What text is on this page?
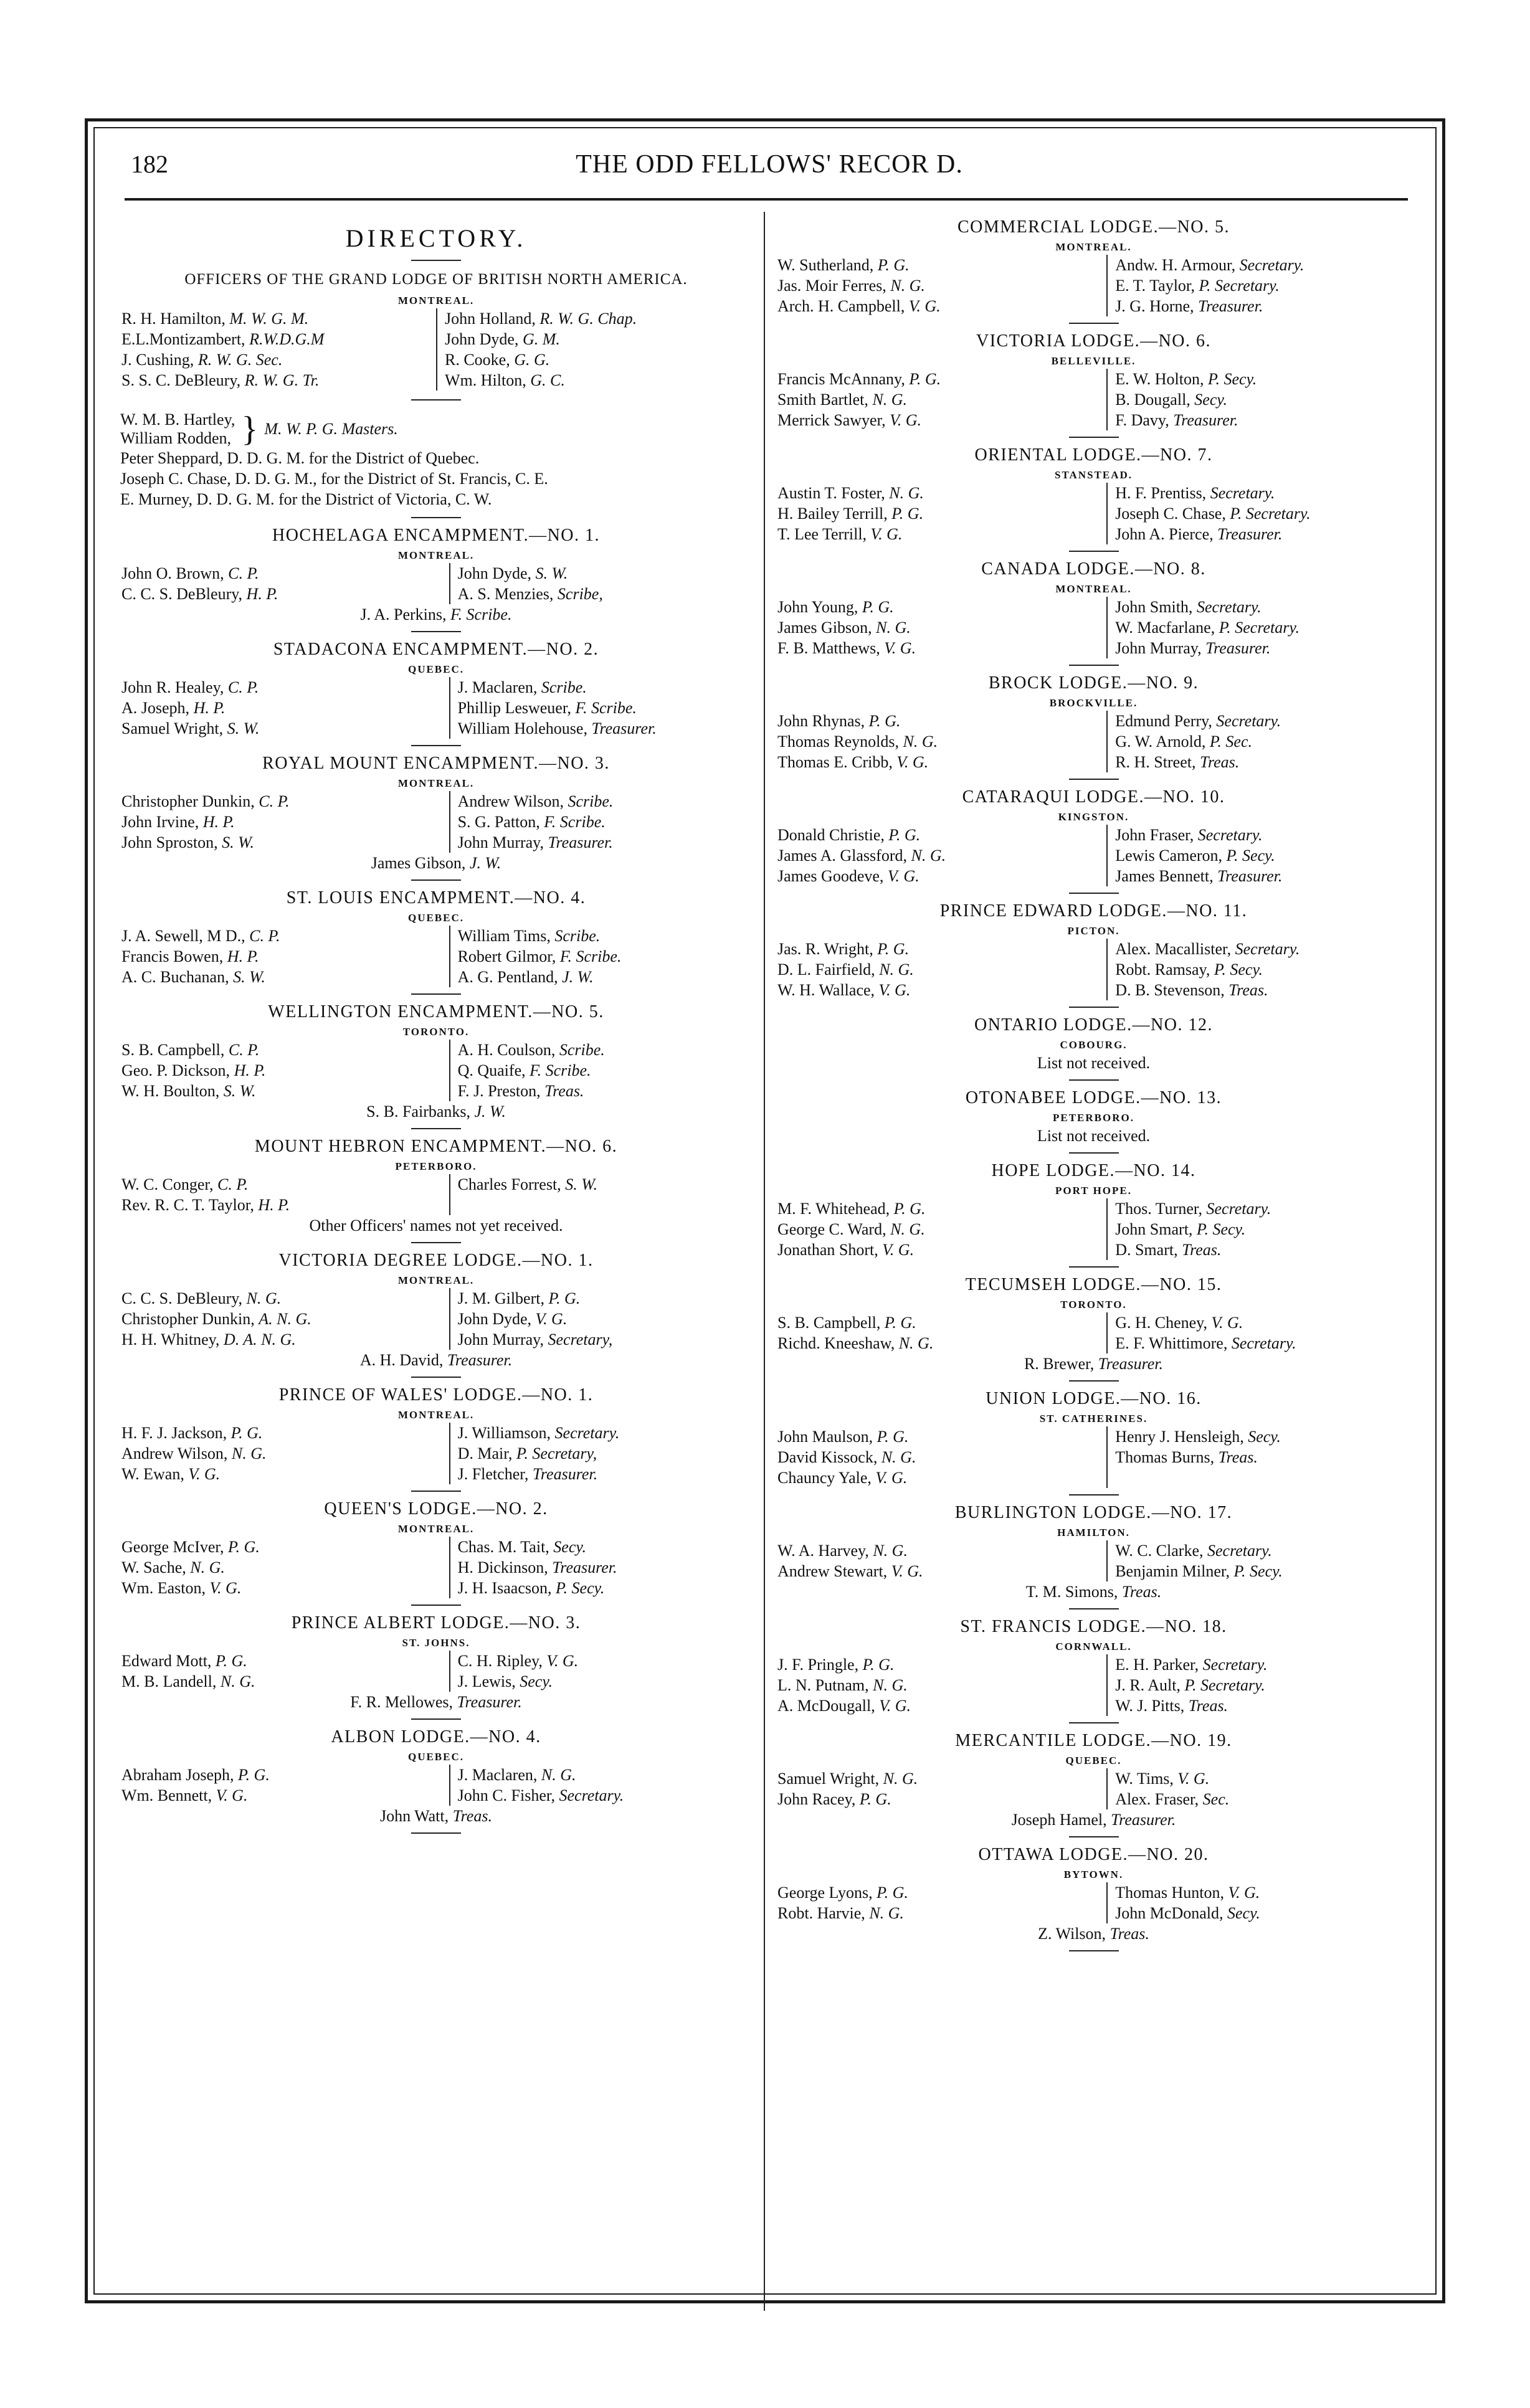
182	THE ODD FELLOWS' RECOR D.
DIRECTORY.
OFFICERS OF THE GRAND LODGE OF BRITISH NORTH AMERICA.
MONTREAL.
R. H. Hamilton, M. W. G. M.
E.L.Montizambert, R.W.D.G.M
J. Cushing, R. W. G. Sec.
S. S. C. DeBleury, R. W. G. Tr.
John Holland, R. W. G. Chap.
John Dyde, G. M.
R. Cooke, G. G.
Wm. Hilton, G. C.
W. M. B. Hartley,
William Rodden, } M. W. P. G. Masters.
Peter Sheppard, D. D. G. M. for the District of Quebec.
Joseph C. Chase, D. D. G. M., for the District of St. Francis, C. E.
E. Murney, D. D. G. M. for the District of Victoria, C. W.
HOCHELAGA ENCAMPMENT.—NO. 1.
MONTREAL.
John O. Brown, C. P.
C. C. S. DeBleury, H. P.
John Dyde, S. W.
A. S. Menzies, Scribe,
J. A. Perkins, F. Scribe.
STADACONA ENCAMPMENT.—NO. 2.
QUEBEC.
John R. Healey, C. P.
A. Joseph, H. P.
Samuel Wright, S. W.
J. Maclaren, Scribe.
Phillip Lesweuer, F. Scribe.
William Holehouse, Treasurer.
ROYAL MOUNT ENCAMPMENT.—NO. 3.
MONTREAL.
Christopher Dunkin, C. P.
John Irvine, H. P.
John Sproston, S. W.
Andrew Wilson, Scribe.
S. G. Patton, F. Scribe.
John Murray, Treasurer.
James Gibson, J. W.
ST. LOUIS ENCAMPMENT.—NO. 4.
QUEBEC.
J. A. Sewell, M D., C. P.
Francis Bowen, H. P.
A. C. Buchanan, S. W.
William Tims, Scribe.
Robert Gilmor, F. Scribe.
A. G. Pentland, J. W.
WELLINGTON ENCAMPMENT.—NO. 5.
TORONTO.
S. B. Campbell, C. P.
Geo. P. Dickson, H. P.
W. H. Boulton, S. W.
A. H. Coulson, Scribe.
Q. Quaife, F. Scribe.
F. J. Preston, Treas.
S. B. Fairbanks, J. W.
MOUNT HEBRON ENCAMPMENT.—NO. 6.
PETERBORO.
W. C. Conger, C. P.
Rev. R. C. T. Taylor, H. P.
Charles Forrest, S. W.
Other Officers' names not yet received.
VICTORIA DEGREE LODGE.—NO. 1.
MONTREAL.
C. C. S. DeBleury, N. G.
Christopher Dunkin, A. N. G.
H. H. Whitney, D. A. N. G.
J. M. Gilbert, P. G.
John Dyde, V. G.
John Murray, Secretary,
A. H. David, Treasurer.
PRINCE OF WALES' LODGE.—NO. 1.
MONTREAL.
H. F. J. Jackson, P. G.
Andrew Wilson, N. G.
W. Ewan, V. G.
J. Williamson, Secretary.
D. Mair, P. Secretary,
J. Fletcher, Treasurer.
QUEEN'S LODGE.—NO. 2.
MONTREAL.
George McIver, P. G.
W. Sache, N. G.
Wm. Easton, V. G.
Chas. M. Tait, Secy.
H. Dickinson, Treasurer.
J. H. Isaacson, P. Secy.
PRINCE ALBERT LODGE.—NO. 3.
ST. JOHNS.
Edward Mott, P. G.
M. B. Landell, N. G.
C. H. Ripley, V. G.
J. Lewis, Secy.
F. R. Mellowes, Treasurer.
ALBON LODGE.—NO. 4.
QUEBEC.
Abraham Joseph, P. G.
Wm. Bennett, V. G.
J. Maclaren, N. G.
John C. Fisher, Secretary.
John Watt, Treas.
COMMERCIAL LODGE.—NO. 5.
MONTREAL.
W. Sutherland, P. G.
Jas. Moir Ferres, N. G.
Arch. H. Campbell, V. G.
Andw. H. Armour, Secretary.
E. T. Taylor, P. Secretary.
J. G. Horne, Treasurer.
VICTORIA LODGE.—NO. 6.
BELLEVILLE.
Francis McAnnany, P. G.
Smith Bartlet, N. G.
Merrick Sawyer, V. G.
E. W. Holton, P. Secy.
B. Dougall, Secy.
F. Davy, Treasurer.
ORIENTAL LODGE.—NO. 7.
STANSTEAD.
Austin T. Foster, N. G.
H. Bailey Terrill, P. G.
T. Lee Terrill, V. G.
H. F. Prentiss, Secretary.
Joseph C. Chase, P. Secretary.
John A. Pierce, Treasurer.
CANADA LODGE.—NO. 8.
MONTREAL.
John Young, P. G.
James Gibson, N. G.
F. B. Matthews, V. G.
John Smith, Secretary.
W. Macfarlane, P. Secretary.
John Murray, Treasurer.
BROCK LODGE.—NO. 9.
BROCKVILLE.
John Rhynas, P. G.
Thomas Reynolds, N. G.
Thomas E. Cribb, V. G.
Edmund Perry, Secretary.
G. W. Arnold, P. Sec.
R. H. Street, Treas.
CATARAQUI LODGE.—NO. 10.
KINGSTON.
Donald Christie, P. G.
James A. Glassford, N. G.
James Goodeve, V. G.
John Fraser, Secretary.
Lewis Cameron, P. Secy.
James Bennett, Treasurer.
PRINCE EDWARD LODGE.—NO. 11.
PICTON.
Jas. R. Wright, P. G.
D. L. Fairfield, N. G.
W. H. Wallace, V. G.
Alex. Macallister, Secretary.
Robt. Ramsay, P. Secy.
D. B. Stevenson, Treas.
ONTARIO LODGE.—NO. 12.
COBOURG.
List not received.
OTONABEE LODGE.—NO. 13.
PETERBORO.
List not received.
HOPE LODGE.—NO. 14.
PORT HOPE.
M. F. Whitehead, P. G.
George C. Ward, N. G.
Jonathan Short, V. G.
Thos. Turner, Secretary.
John Smart, P. Secy.
D. Smart, Treas.
TECUMSEH LODGE.—NO. 15.
TORONTO.
S. B. Campbell, P. G.
Richd. Kneeshaw, N. G.
G. H. Cheney, V. G.
E. F. Whittimore, Secretary.
R. Brewer, Treasurer.
UNION LODGE.—NO. 16.
ST. CATHERINES.
John Maulson, P. G.
David Kissock, N. G.
Chauncy Yale, V. G.
Henry J. Hensleigh, Secy.
Thomas Burns, Treas.
BURLINGTON LODGE.—NO. 17.
HAMILTON.
W. A. Harvey, N. G.
Andrew Stewart, V. G.
W. C. Clarke, Secretary.
Benjamin Milner, P. Secy.
T. M. Simons, Treas.
ST. FRANCIS LODGE.—NO. 18.
CORNWALL.
J. F. Pringle, P. G.
L. N. Putnam, N. G.
A. McDougall, V. G.
E. H. Parker, Secretary.
J. R. Ault, P. Secretary.
W. J. Pitts, Treas.
MERCANTILE LODGE.—NO. 19.
QUEBEC.
Samuel Wright, N. G.
John Racey, P. G.
W. Tims, V. G.
Alex. Fraser, Sec.
Joseph Hamel, Treasurer.
OTTAWA LODGE.—NO. 20.
BYTOWN.
George Lyons, P. G.
Robt. Harvie, N. G.
Thomas Hunton, V. G.
John McDonald, Secy.
Z. Wilson, Treas.
